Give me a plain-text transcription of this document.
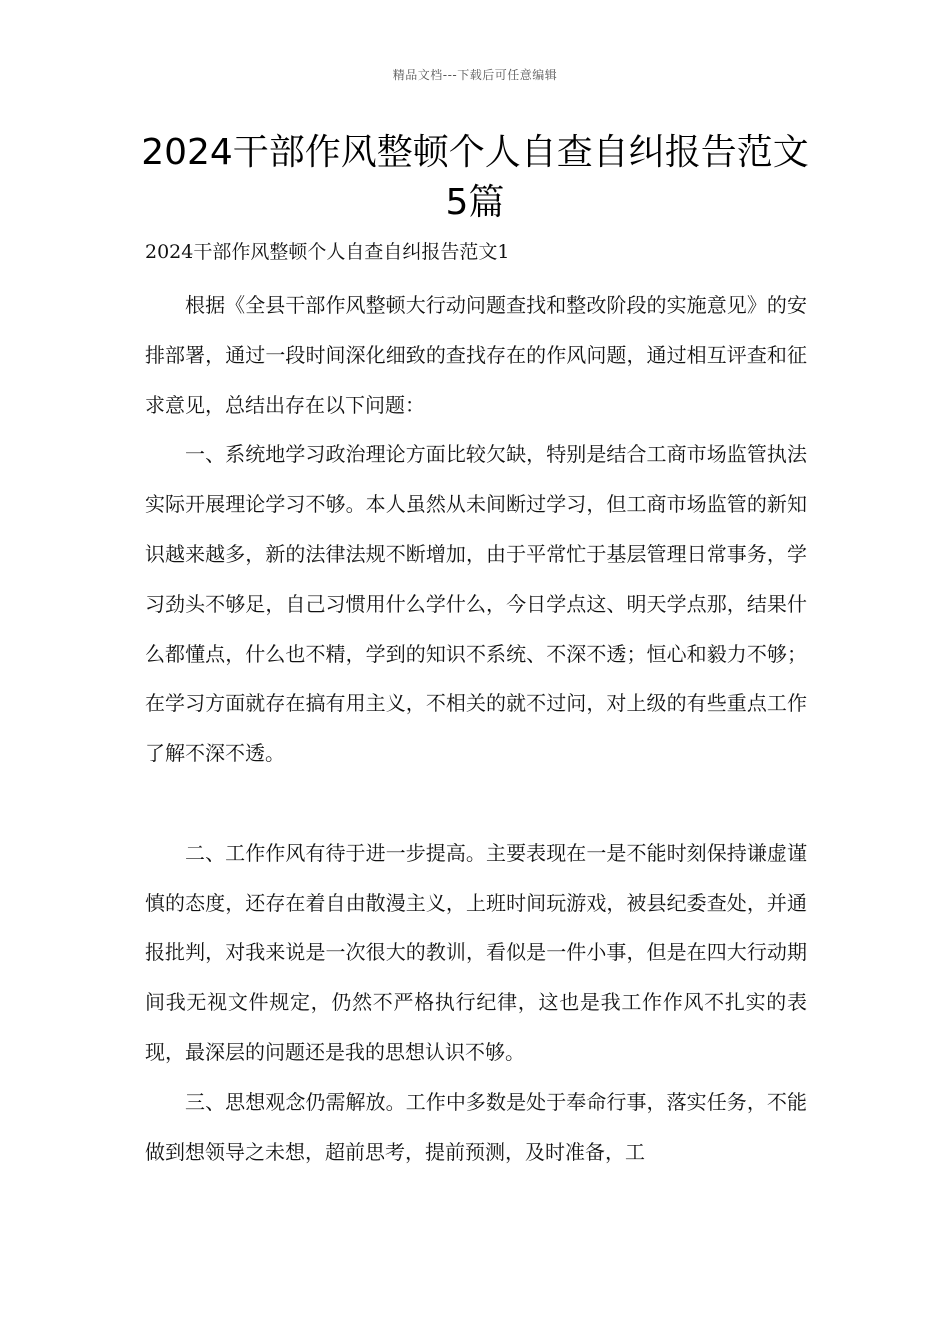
精品文档---下载后可任意编辑
2024干部作风整顿个人自查自纠报告范文5篇
2024干部作风整顿个人自查自纠报告范文1

根据《全县干部作风整顿大行动问题查找和整改阶段的实施意见》的安排部署，通过一段时间深化细致的查找存在的作风问题，通过相互评查和征求意见，总结出存在以下问题：

一、系统地学习政治理论方面比较欠缺，特别是结合工商市场监管执法实际开展理论学习不够。本人虽然从未间断过学习，但工商市场监管的新知识越来越多，新的法律法规不断增加，由于平常忙于基层管理日常事务，学习劲头不够足，自己习惯用什么学什么，今日学点这、明天学点那，结果什么都懂点，什么也不精，学到的知识不系统、不深不透；恒心和毅力不够；在学习方面就存在搞有用主义，不相关的就不过问，对上级的有些重点工作了解不深不透。

二、工作作风有待于进一步提高。主要表现在一是不能时刻保持谦虚谨慎的态度，还存在着自由散漫主义，上班时间玩游戏，被县纪委查处，并通报批判，对我来说是一次很大的教训，看似是一件小事，但是在四大行动期间我无视文件规定，仍然不严格执行纪律，这也是我工作作风不扎实的表现，最深层的问题还是我的思想认识不够。

三、思想观念仍需解放。工作中多数是处于奉命行事，落实任务，不能做到想领导之未想，超前思考，提前预测，及时准备，工
